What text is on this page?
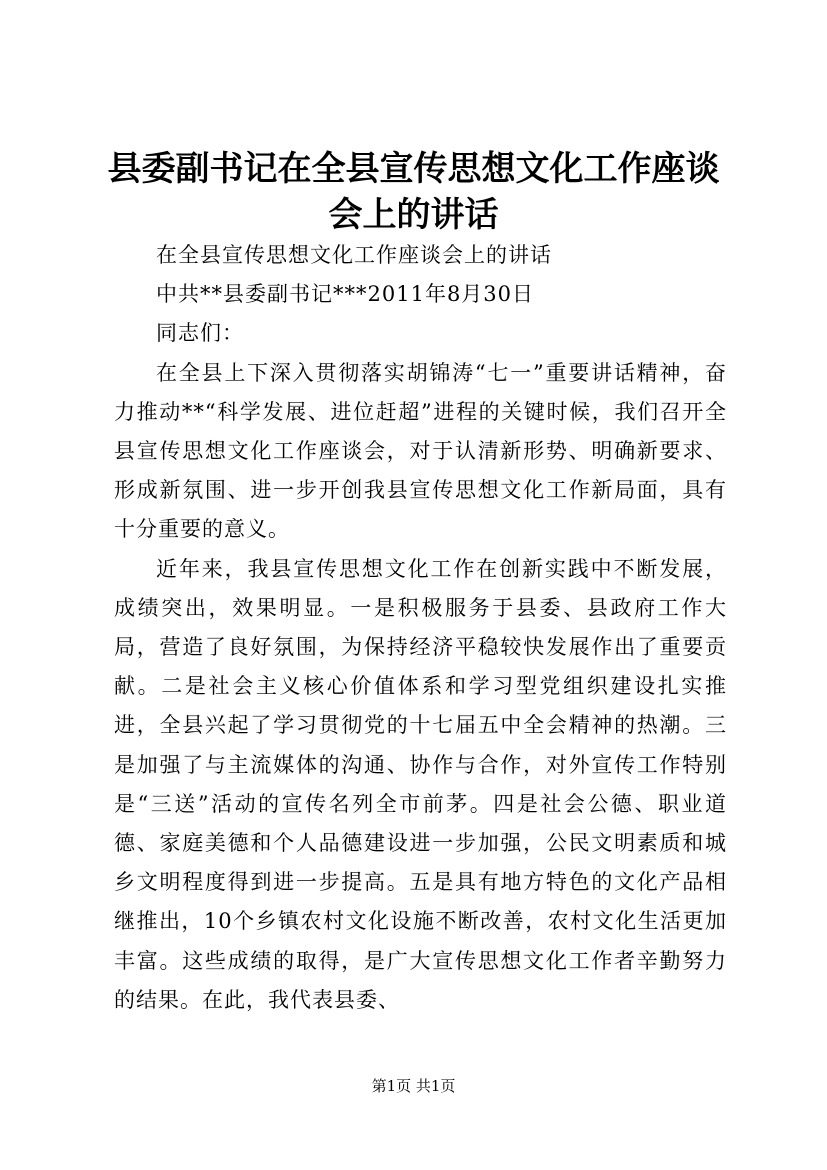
县委副书记在全县宣传思想文化工作座谈会上的讲话

在全县宣传思想文化工作座谈会上的讲话

中共**县委副书记***2011年8月30日

同志们：

在全县上下深入贯彻落实胡锦涛“七一”重要讲话精神，奋力推动**“科学发展、进位赶超”进程的关键时候，我们召开全县宣传思想文化工作座谈会，对于认清新形势、明确新要求、形成新氛围、进一步开创我县宣传思想文化工作新局面，具有十分重要的意义。

近年来，我县宣传思想文化工作在创新实践中不断发展，成绩突出，效果明显。一是积极服务于县委、县政府工作大局，营造了良好氛围，为保持经济平稳较快发展作出了重要贡献。二是社会主义核心价值体系和学习型党组织建设扎实推进，全县兴起了学习贯彻党的十七届五中全会精神的热潮。三是加强了与主流媒体的沟通、协作与合作，对外宣传工作特别是“三送”活动的宣传名列全市前茅。四是社会公德、职业道德、家庭美德和个人品德建设进一步加强，公民文明素质和城乡文明程度得到进一步提高。五是具有地方特色的文化产品相继推出，10个乡镇农村文化设施不断改善，农村文化生活更加丰富。这些成绩的取得，是广大宣传思想文化工作者辛勤努力的结果。在此，我代表县委、

第1页 共1页
